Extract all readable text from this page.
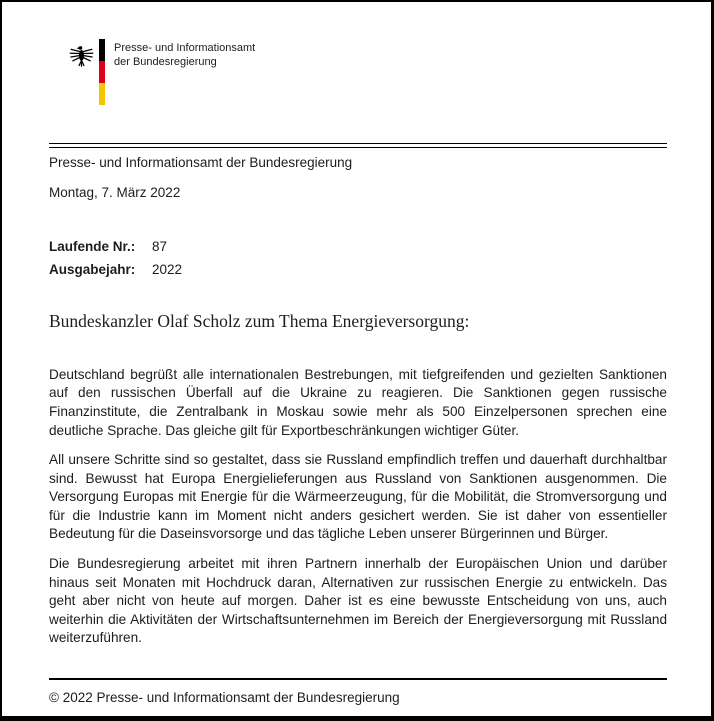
Presse- und Informationsamt
der Bundesregierung
Presse- und Informationsamt der Bundesregierung
Montag, 7. März 2022
Laufende Nr.:	87
Ausgabejahr:	2022
Bundeskanzler Olaf Scholz zum Thema Energieversorgung:

Deutschland begrüßt alle internationalen Bestrebungen, mit tiefgreifenden und gezielten Sanktionen auf den russischen Überfall auf die Ukraine zu reagieren. Die Sanktionen gegen russische Finanzinstitute, die Zentralbank in Moskau sowie mehr als 500 Einzelpersonen sprechen eine deutliche Sprache. Das gleiche gilt für Exportbeschränkungen wichtiger Güter.

All unsere Schritte sind so gestaltet, dass sie Russland empfindlich treffen und dauerhaft durchhaltbar sind. Bewusst hat Europa Energielieferungen aus Russland von Sanktionen ausgenommen. Die Versorgung Europas mit Energie für die Wärmeerzeugung, für die Mobilität, die Stromversorgung und für die Industrie kann im Moment nicht anders gesichert werden. Sie ist daher von essentieller Bedeutung für die Daseinsvorsorge und das tägliche Leben unserer Bürgerinnen und Bürger.

Die Bundesregierung arbeitet mit ihren Partnern innerhalb der Europäischen Union und darüber hinaus seit Monaten mit Hochdruck daran, Alternativen zur russischen Energie zu entwickeln. Das geht aber nicht von heute auf morgen. Daher ist es eine bewusste Entscheidung von uns, auch weiterhin die Aktivitäten der Wirtschaftsunternehmen im Bereich der Energieversorgung mit Russland weiterzuführen.

© 2022 Presse- und Informationsamt der Bundesregierung
